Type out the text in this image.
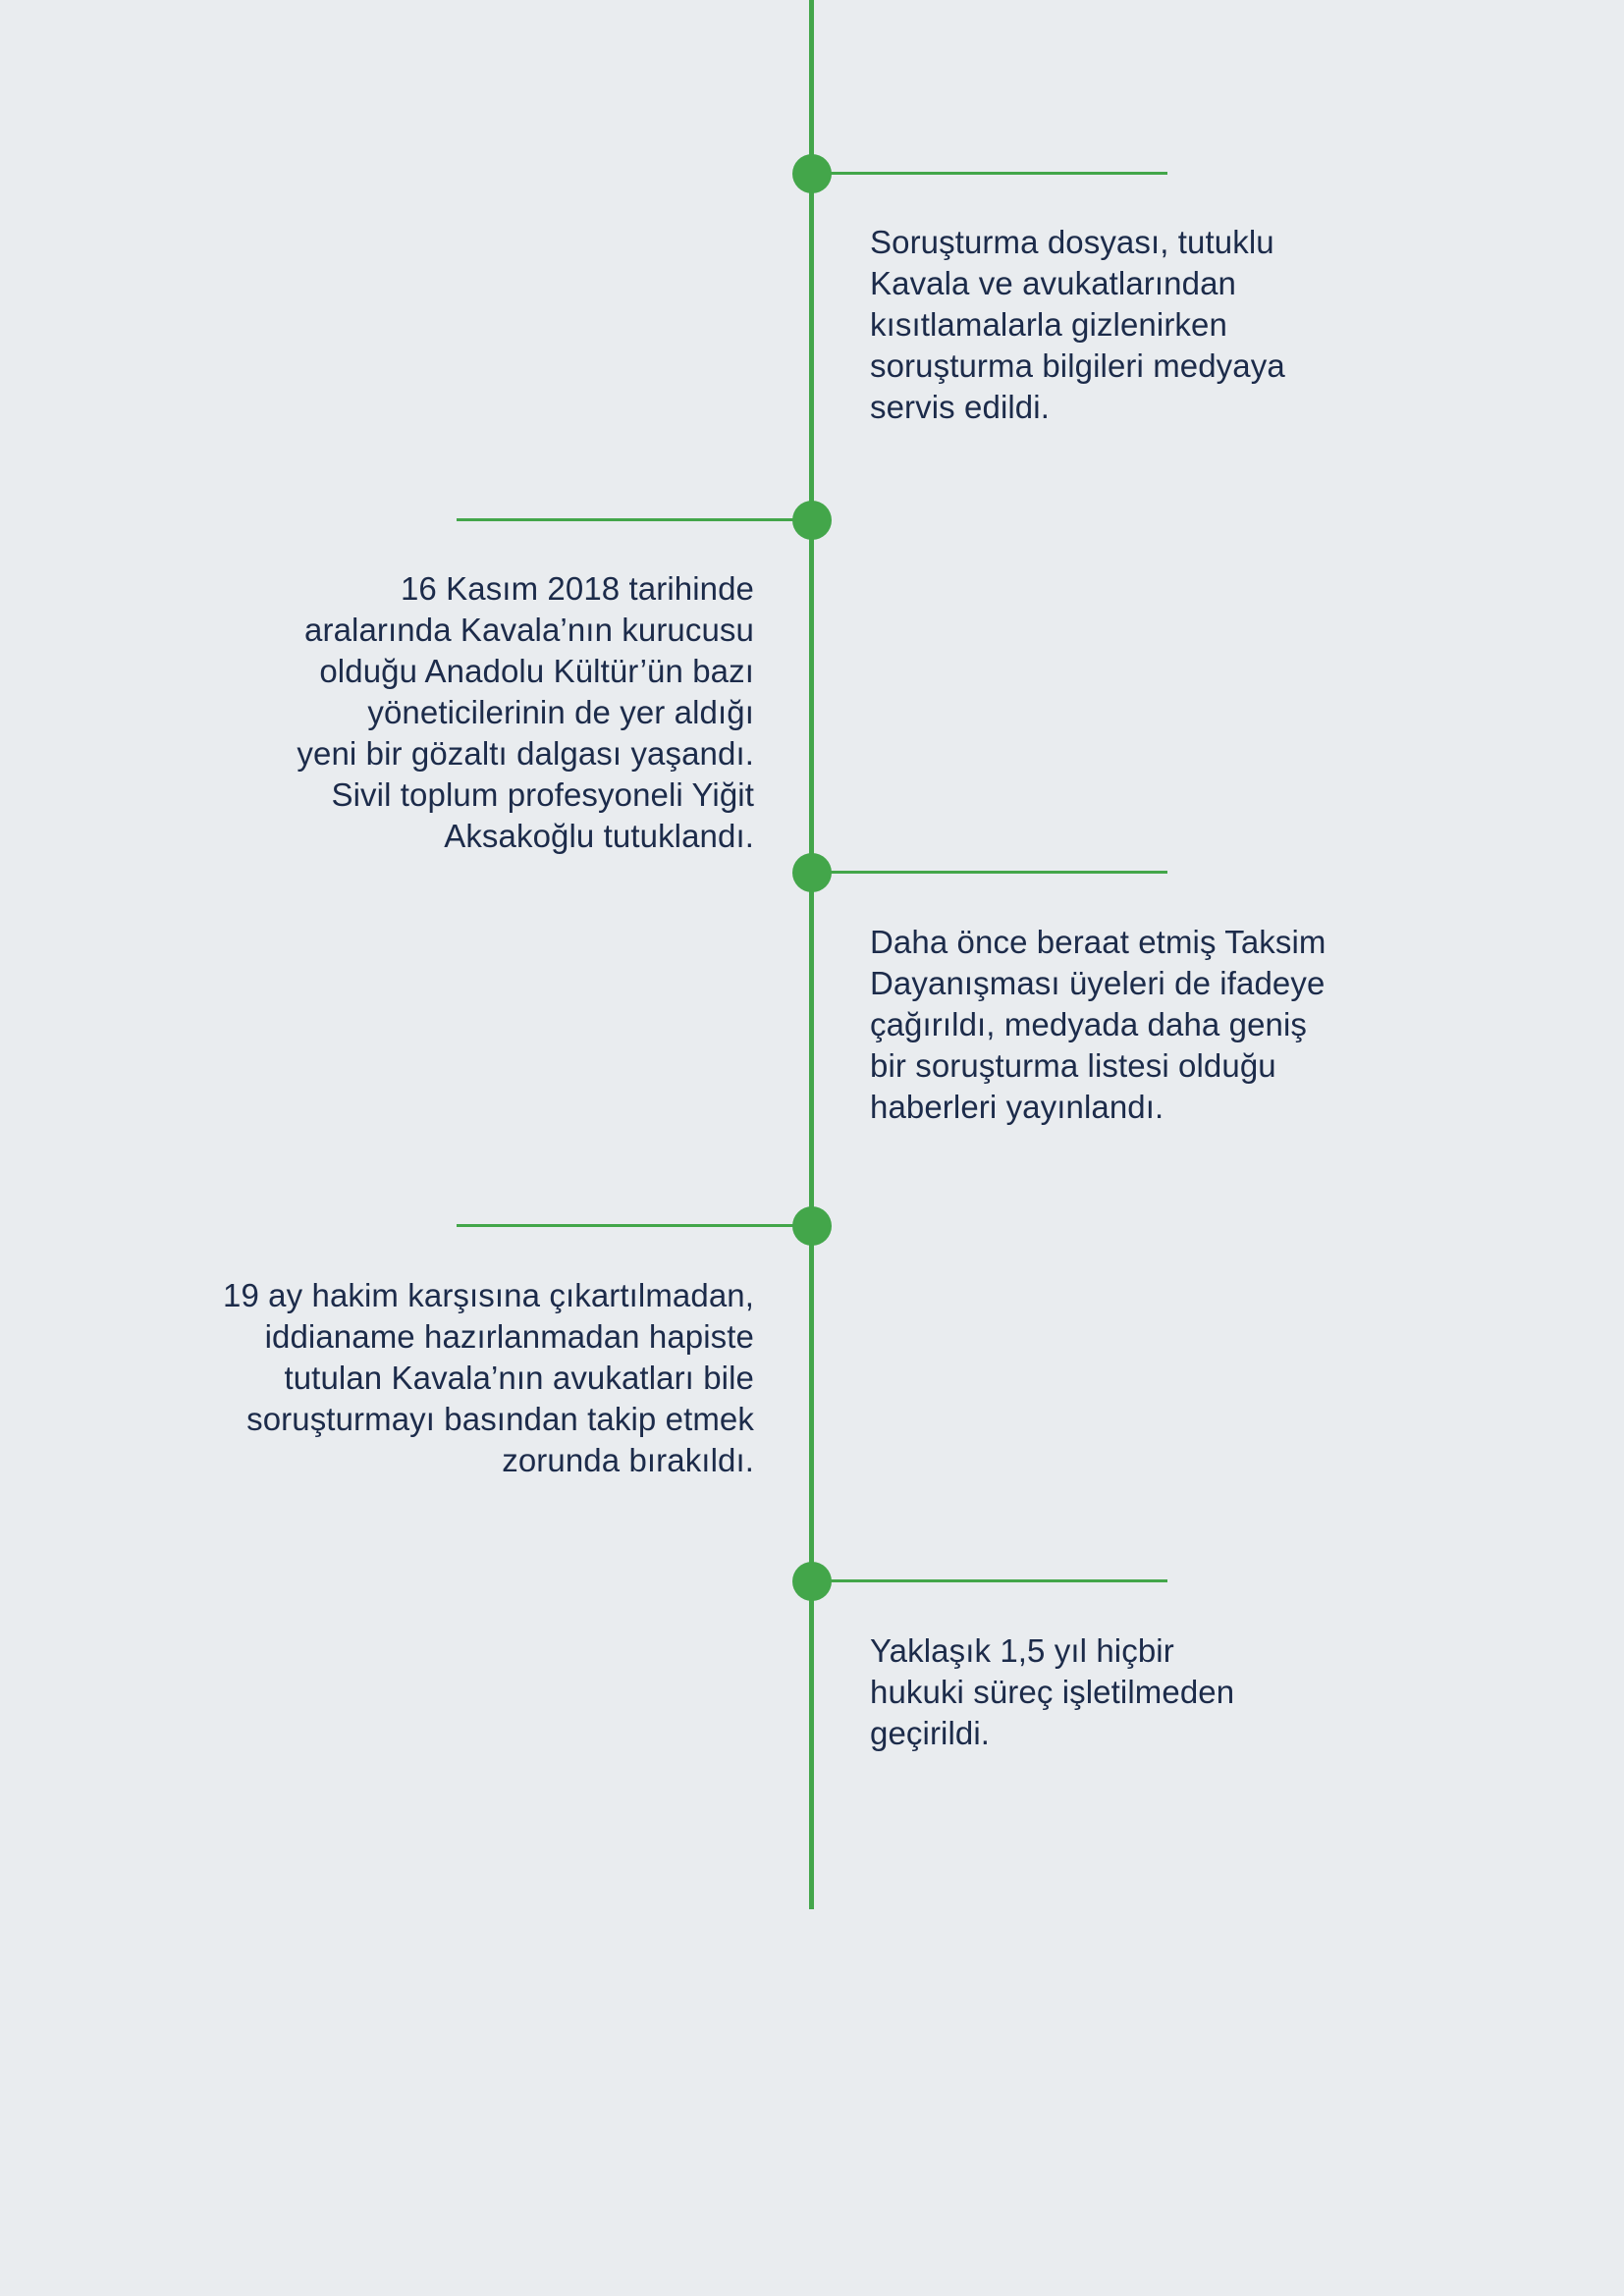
Soruşturma dosyası, tutuklu
Kavala ve avukatlarından
kısıtlamalarla gizlenirken
soruşturma bilgileri medyaya
servis edildi.
16 Kasım 2018 tarihinde
aralarında Kavala’nın kurucusu
olduğu Anadolu Kültür’ün bazı
yöneticilerinin de yer aldığı
yeni bir gözaltı dalgası yaşandı.
Sivil toplum profesyoneli Yiğit
Aksakoğlu tutuklandı.
Daha önce beraat etmiş Taksim
Dayanışması üyeleri de ifadeye
çağırıldı, medyada daha geniş
bir soruşturma listesi olduğu
haberleri yayınlandı.
19 ay hakim karşısına çıkartılmadan,
iddianame hazırlanmadan hapiste
tutulan Kavala’nın avukatları bile
soruşturmayı basından takip etmek
zorunda bırakıldı.
Yaklaşık 1,5 yıl hiçbir
hukuki süreç işletilmeden
geçirildi.
